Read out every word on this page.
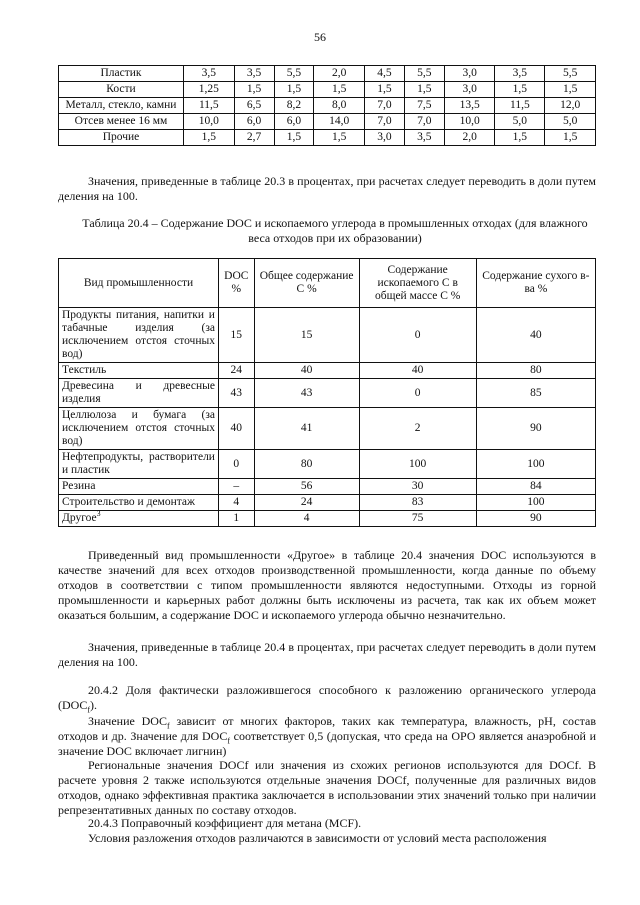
56
Пластик	3,5	3,5	5,5	2,0	4,5	5,5	3,0	3,5	5,5
Кости	1,25	1,5	1,5	1,5	1,5	1,5	3,0	1,5	1,5
Металл, стекло, камни	11,5	6,5	8,2	8,0	7,0	7,5	13,5	11,5	12,0
Отсев менее 16 мм	10,0	6,0	6,0	14,0	7,0	7,0	10,0	5,0	5,0
Прочие	1,5	2,7	1,5	1,5	3,0	3,5	2,0	1,5	1,5

Значения, приведенные в таблице 20.3 в процентах, при расчетах следует переводить в доли путем деления на 100.

Таблица 20.4 – Содержание DOC и ископаемого углерода в промышленных отходах (для влажного веса отходов при их образовании)
Вид промышленности	DOC %	Общее содержание С %	Содержание ископаемого С в общей массе С %	Содержание сухого в-ва %
Продукты питания, напитки и табачные изделия (за исключением отстоя сточных вод)	15	15	0	40
Текстиль	24	40	40	80
Древесина и древесные изделия	43	43	0	85
Целлюлоза и бумага (за исключением отстоя сточных вод)	40	41	2	90
Нефтепродукты, растворители и пластик	0	80	100	100
Резина	–	56	30	84
Строительство и демонтаж	4	24	83	100
Другое$^3$	1	4	75	90

Приведенный вид промышленности «Другое» в таблице 20.4 значения DOC используются в качестве значений для всех отходов производственной промышленности, когда данные по объему отходов в соответствии с типом промышленности являются недоступными. Отходы из горной промышленности и карьерных работ должны быть исключены из расчета, так как их объем может оказаться большим, а содержание DOC и ископаемого углерода обычно незначительно.

Значения, приведенные в таблице 20.4 в процентах, при расчетах следует переводить в доли путем деления на 100.

20.4.2 Доля фактически разложившегося способного к разложению органического углерода $(DOC_f)$.

Значение $DOC_f$ зависит от многих факторов, таких как температура, влажность, pH, состав отходов и др. Значение для $DOC_f$ соответствует 0,5 (допуская, что среда на ОРО является анаэробной и значение DOC включает лигнин)

Региональные значения DOCf или значения из схожих регионов используются для DOCf. В расчете уровня 2 также используются отдельные значения DOCf, полученные для различных видов отходов, однако эффективная практика заключается в использовании этих значений только при наличии репрезентативных данных по составу отходов.

20.4.3 Поправочный коэффициент для метана (MCF).

Условия разложения отходов различаются в зависимости от условий места расположения
